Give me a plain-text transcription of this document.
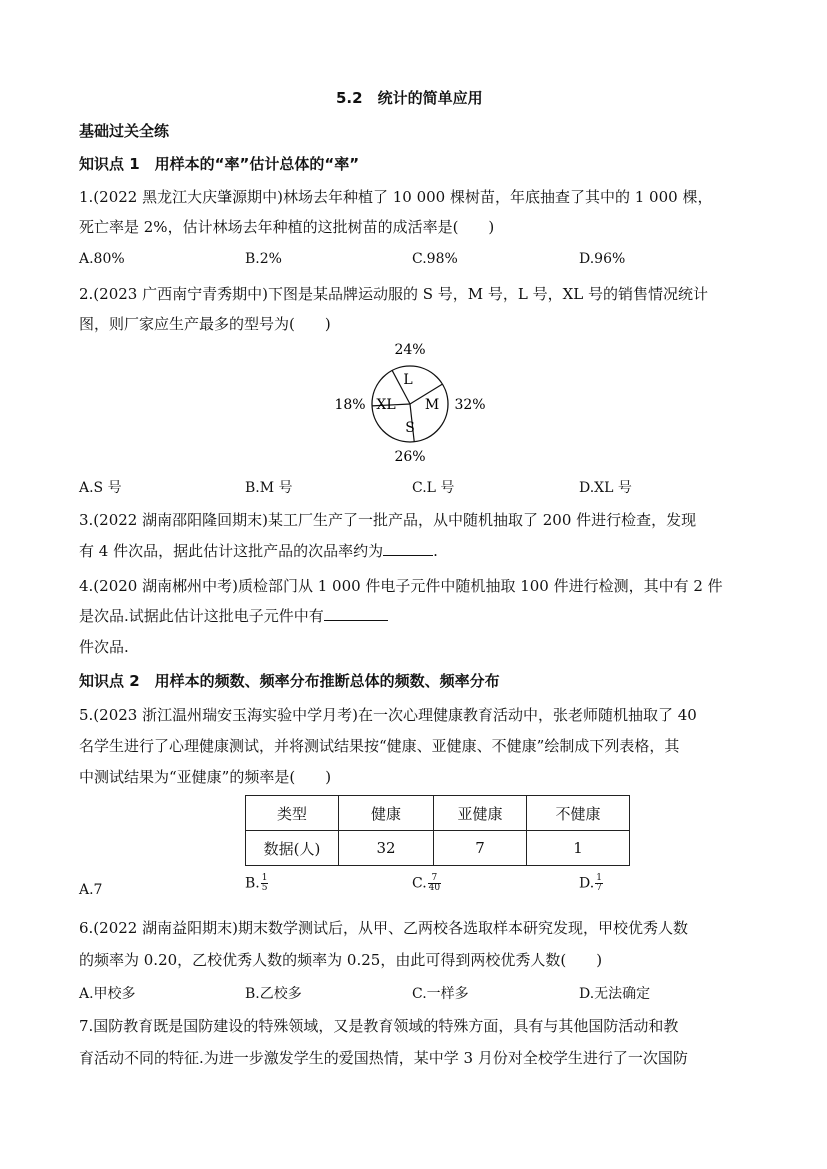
5.2 统计的简单应用
基础过关全练
知识点 1 用样本的“率”估计总体的“率”
1.(2022 黑龙江大庆肇源期中)林场去年种植了 10 000 棵树苗，年底抽查了其中的 1 000 棵，
死亡率是 2%，估计林场去年种植的这批树苗的成活率是(  )
A.80%	B.2%	C.98%	D.96%
2.(2023 广西南宁青秀期中)下图是某品牌运动服的 S 号，M 号，L 号，XL 号的销售情况统计
图，则厂家应生产最多的型号为(  )
L
24%
M 32%
S
26%
XL
18%
A.S 号	B.M 号	C.L 号	D.XL 号
3.(2022 湖南邵阳隆回期末)某工厂生产了一批产品，从中随机抽取了 200 件进行检查，发现
有 4 件次品，据此估计这批产品的次品率约为	.
4.(2020 湖南郴州中考)质检部门从 1 000 件电子元件中随机抽取 100 件进行检测，其中有 2 件
是次品.试据此估计这批电子元件中有
件次品.
知识点 2 用样本的频数、频率分布推断总体的频数、频率分布
5.(2023 浙江温州瑞安玉海实验中学月考)在一次心理健康教育活动中，张老师随机抽取了 40
名学生进行了心理健康测试，并将测试结果按“健康、亚健康、不健康”绘制成下列表格，其
中测试结果为“亚健康”的频率是(  )
类型	健康	亚健康	不健康
数据(人)	32	7	1
A.7	B. $\frac{1}{5}$	C. $\frac{7}{40}$	D. $\frac{1}{7}$
6.(2022 湖南益阳期末)期末数学测试后，从甲、乙两校各选取样本研究发现，甲校优秀人数
的频率为 0.20，乙校优秀人数的频率为 0.25，由此可得到两校优秀人数(  )
A.甲校多	B.乙校多	C.一样多	D.无法确定
7.国防教育既是国防建设的特殊领域，又是教育领域的特殊方面，具有与其他国防活动和教
育活动不同的特征.为进一步激发学生的爱国热情，某中学 3 月份对全校学生进行了一次国防
